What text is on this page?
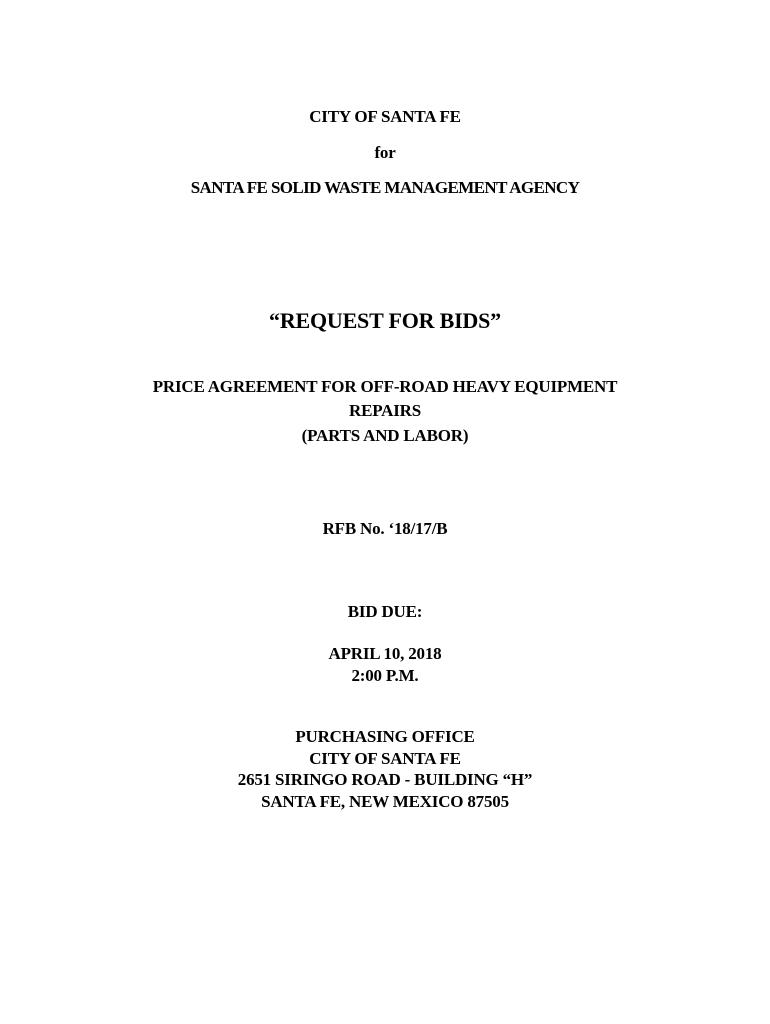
CITY OF SANTA FE
for
SANTA FE SOLID WASTE MANAGEMENT AGENCY
“REQUEST FOR BIDS”
PRICE AGREEMENT FOR OFF-ROAD HEAVY EQUIPMENT
REPAIRS
(PARTS AND LABOR)
RFB No. ‘18/17/B
BID DUE:
APRIL 10, 2018
2:00 P.M.
PURCHASING OFFICE
CITY OF SANTA FE
2651 SIRINGO ROAD - BUILDING “H”
SANTA FE, NEW MEXICO 87505
